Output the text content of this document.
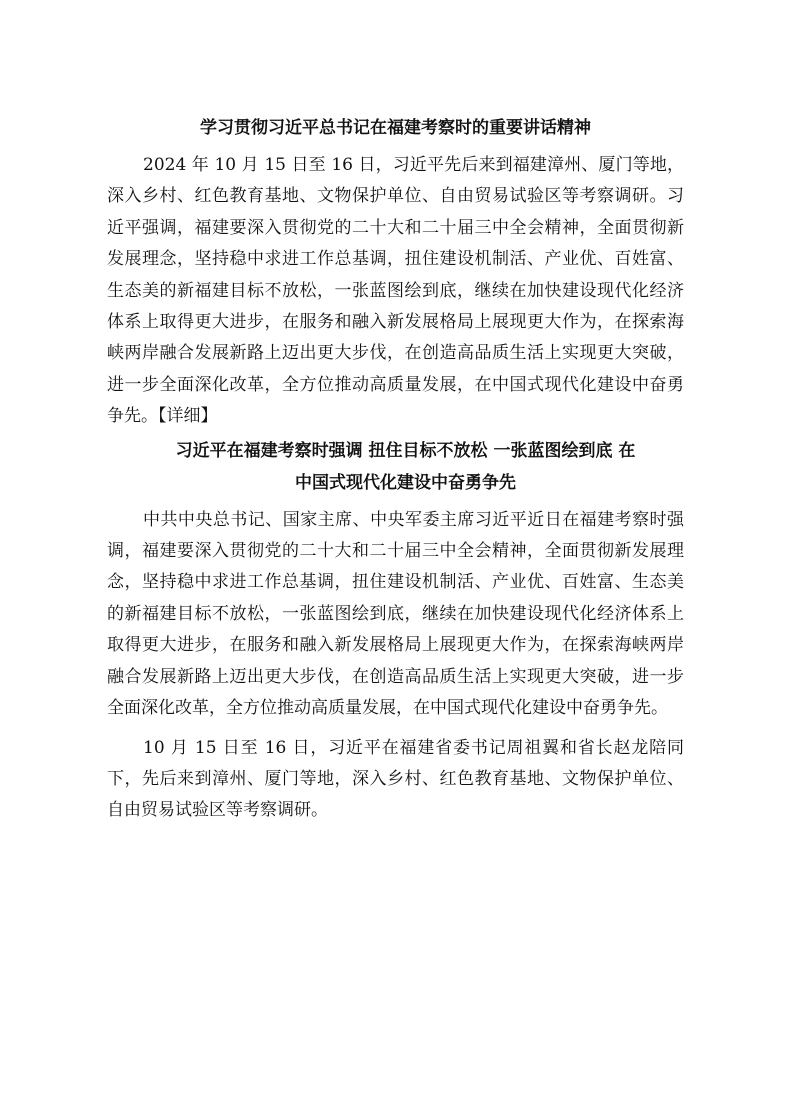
学习贯彻习近平总书记在福建考察时的重要讲话精神

2024 年 10 月 15 日至 16 日，习近平先后来到福建漳州、厦门等地，深入乡村、红色教育基地、文物保护单位、自由贸易试验区等考察调研。习近平强调，福建要深入贯彻党的二十大和二十届三中全会精神，全面贯彻新发展理念，坚持稳中求进工作总基调，扭住建设机制活、产业优、百姓富、生态美的新福建目标不放松，一张蓝图绘到底，继续在加快建设现代化经济体系上取得更大进步，在服务和融入新发展格局上展现更大作为，在探索海峡两岸融合发展新路上迈出更大步伐，在创造高品质生活上实现更大突破，进一步全面深化改革，全方位推动高质量发展，在中国式现代化建设中奋勇争先。【详细】

习近平在福建考察时强调 扭住目标不放松 一张蓝图绘到底 在
中国式现代化建设中奋勇争先

中共中央总书记、国家主席、中央军委主席习近平近日在福建考察时强调，福建要深入贯彻党的二十大和二十届三中全会精神，全面贯彻新发展理念，坚持稳中求进工作总基调，扭住建设机制活、产业优、百姓富、生态美的新福建目标不放松，一张蓝图绘到底，继续在加快建设现代化经济体系上取得更大进步，在服务和融入新发展格局上展现更大作为，在探索海峡两岸融合发展新路上迈出更大步伐，在创造高品质生活上实现更大突破，进一步全面深化改革，全方位推动高质量发展，在中国式现代化建设中奋勇争先。

10 月 15 日至 16 日，习近平在福建省委书记周祖翼和省长赵龙陪同下，先后来到漳州、厦门等地，深入乡村、红色教育基地、文物保护单位、自由贸易试验区等考察调研。
